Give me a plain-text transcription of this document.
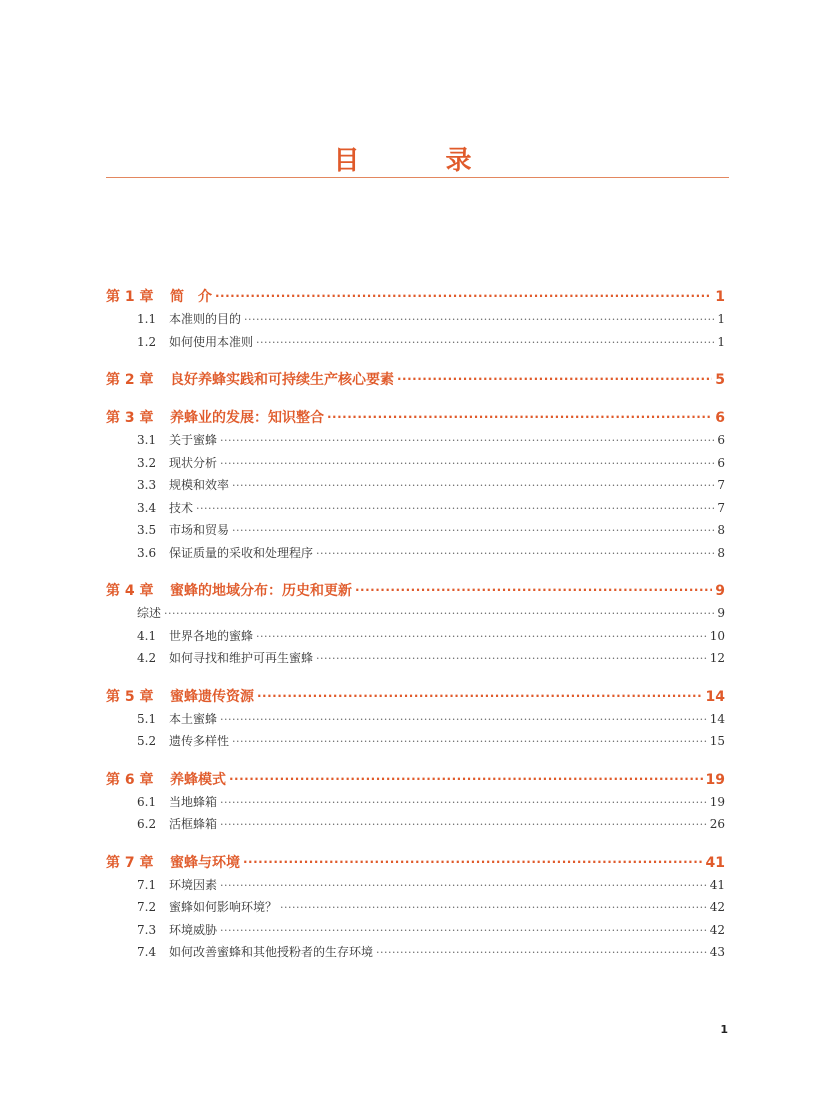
目　录
第 1 章	简　介 ·····	1
1.1	本准则的目的 ·····	1
1.2	如何使用本准则 ·····	1
第 2 章	良好养蜂实践和可持续生产核心要素 ·····	5
第 3 章	养蜂业的发展：知识整合 ·····	6
3.1	关于蜜蜂 ·····	6
3.2	现状分析 ·····	6
3.3	规模和效率 ·····	7
3.4	技术 ·····	7
3.5	市场和贸易 ·····	8
3.6	保证质量的采收和处理程序 ·····	8
第 4 章	蜜蜂的地域分布：历史和更新 ·····	9
综述 ·····	9
4.1	世界各地的蜜蜂 ·····	10
4.2	如何寻找和维护可再生蜜蜂 ·····	12
第 5 章	蜜蜂遗传资源 ·····	14
5.1	本土蜜蜂 ·····	14
5.2	遗传多样性 ·····	15
第 6 章	养蜂模式 ·····	19
6.1	当地蜂箱 ·····	19
6.2	活框蜂箱 ·····	26
第 7 章	蜜蜂与环境 ·····	41
7.1	环境因素 ·····	41
7.2	蜜蜂如何影响环境？ ·····	42
7.3	环境威胁 ·····	42
7.4	如何改善蜜蜂和其他授粉者的生存环境 ·····	43
1
